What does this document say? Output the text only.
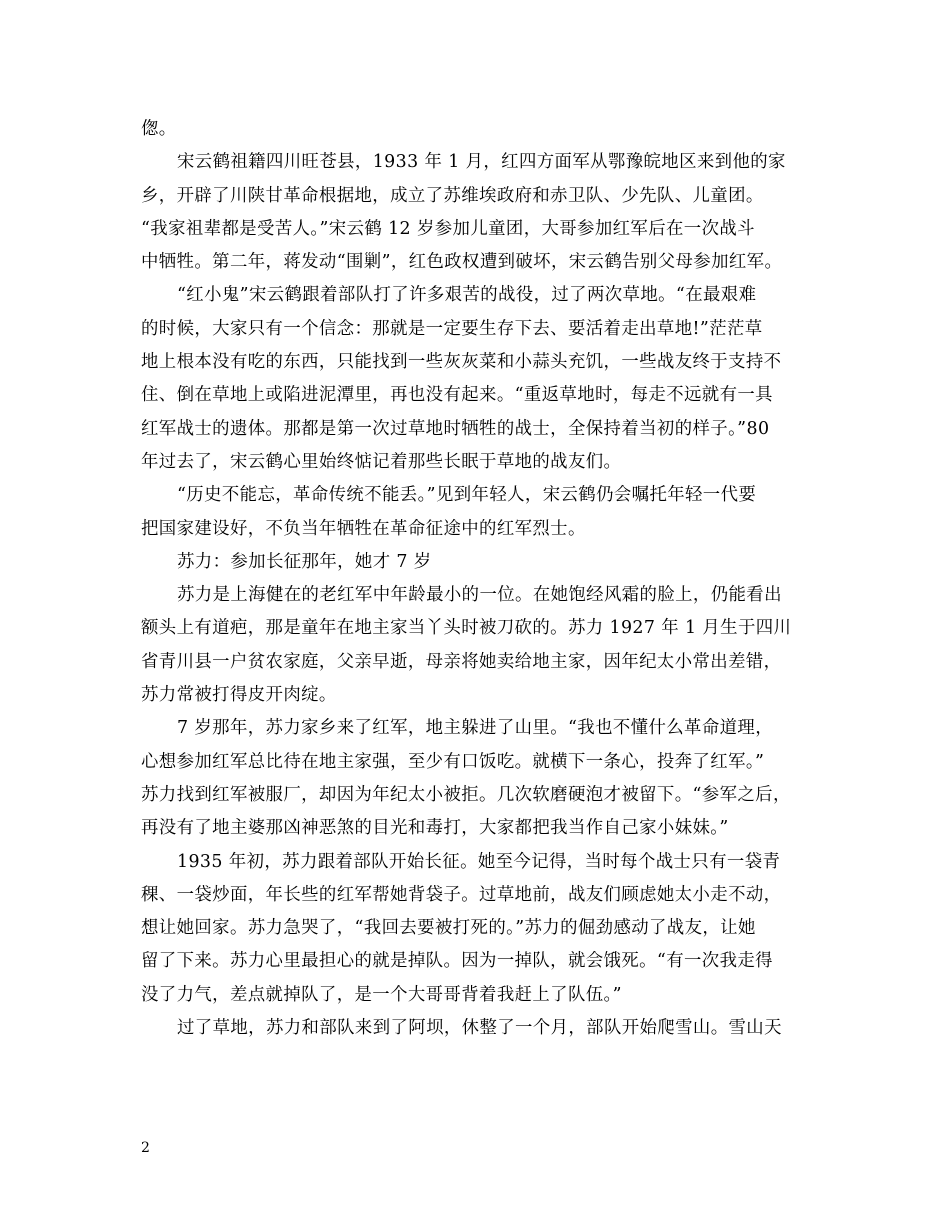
偬。
宋云鹤祖籍四川旺苍县，1933 年 1 月，红四方面军从鄂豫皖地区来到他的家
乡，开辟了川陕甘革命根据地，成立了苏维埃政府和赤卫队、少先队、儿童团。
“我家祖辈都是受苦人。”宋云鹤 12 岁参加儿童团，大哥参加红军后在一次战斗
中牺牲。第二年，蒋发动“围剿”，红色政权遭到破坏，宋云鹤告别父母参加红军。
“红小鬼”宋云鹤跟着部队打了许多艰苦的战役，过了两次草地。“在最艰难
的时候，大家只有一个信念：那就是一定要生存下去、要活着走出草地!”茫茫草
地上根本没有吃的东西，只能找到一些灰灰菜和小蒜头充饥，一些战友终于支持不
住、倒在草地上或陷进泥潭里，再也没有起来。“重返草地时，每走不远就有一具
红军战士的遗体。那都是第一次过草地时牺牲的战士，全保持着当初的样子。”80
年过去了，宋云鹤心里始终惦记着那些长眠于草地的战友们。
“历史不能忘，革命传统不能丢。”见到年轻人，宋云鹤仍会嘱托年轻一代要
把国家建设好，不负当年牺牲在革命征途中的红军烈士。
苏力：参加长征那年，她才 7 岁
苏力是上海健在的老红军中年龄最小的一位。在她饱经风霜的脸上，仍能看出
额头上有道疤，那是童年在地主家当丫头时被刀砍的。苏力 1927 年 1 月生于四川
省青川县一户贫农家庭，父亲早逝，母亲将她卖给地主家，因年纪太小常出差错，
苏力常被打得皮开肉绽。
7 岁那年，苏力家乡来了红军，地主躲进了山里。“我也不懂什么革命道理，
心想参加红军总比待在地主家强，至少有口饭吃。就横下一条心，投奔了红军。”
苏力找到红军被服厂，却因为年纪太小被拒。几次软磨硬泡才被留下。“参军之后，
再没有了地主婆那凶神恶煞的目光和毒打，大家都把我当作自己家小妹妹。”
1935 年初，苏力跟着部队开始长征。她至今记得，当时每个战士只有一袋青
稞、一袋炒面，年长些的红军帮她背袋子。过草地前，战友们顾虑她太小走不动，
想让她回家。苏力急哭了，“我回去要被打死的。”苏力的倔劲感动了战友，让她
留了下来。苏力心里最担心的就是掉队。因为一掉队，就会饿死。“有一次我走得
没了力气，差点就掉队了，是一个大哥哥背着我赶上了队伍。”
过了草地，苏力和部队来到了阿坝，休整了一个月，部队开始爬雪山。雪山天
2
